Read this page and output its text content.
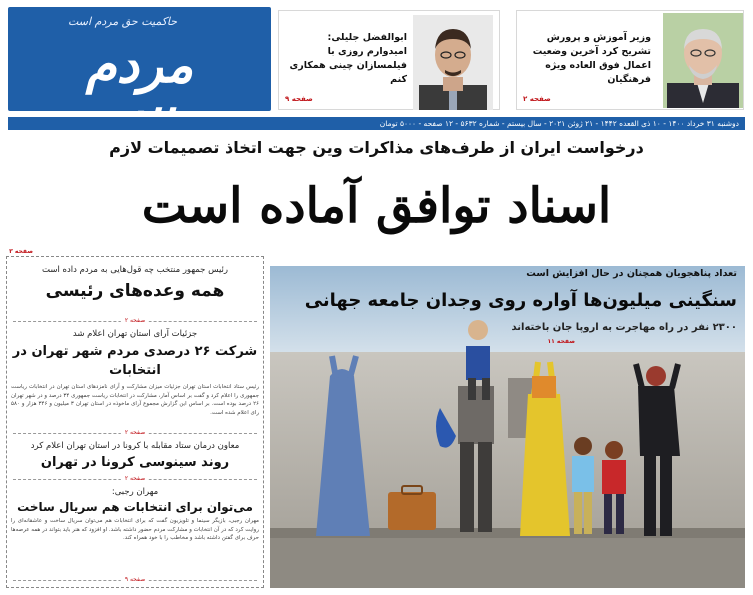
حاکمیت حق مردم است
مردم	ابوالفضل جلیلی: امیدوارم روزی با فیلمسازان چینی همکاری کنم
صفحه ۹
وزیر آموزش و پرورش تشریح کرد آخرین وضعیت اعمال فوق العاده ویژه فرهنگیان
صفحه ۲
دوشنبه ۳۱ خرداد ۱۴۰۰ - ۱۰ ذی القعده ۱۴۴۲ - ۲۱ ژوئن ۲۰۲۱ - سال بیستم - شماره ۵۶۳۲ - ۱۲ صفحه - ۵۰۰۰ تومان
درخواست ایران از طرف‌های مذاکرات وین جهت اتخاذ تصمیمات لازم
اسناد توافق آماده است
صفحه ۳
رئیس جمهور منتخب چه قول‌هایی به مردم داده است
همه وعده‌های رئیسی
صفحه ۲
جزئیات آرای استان تهران اعلام شد
شرکت ۲۶ درصدی مردم شهر تهران در انتخابات
رئیس ستاد انتخابات استان تهران جزئیات میزان مشارکت و آرای نامزدهای استان تهران در انتخابات ریاست جمهوری را اعلام کرد و گفت بر اساس آمار، مشارکت در انتخابات ریاست جمهوری ۳۴ درصد و در شهر تهران ۲۶ درصد بوده است. بر اساس این گزارش مجموع آرای ماخوذه در استان تهران ۳ میلیون و ۳۴۶ هزار و ۵۸۰ رای اعلام شده است.
صفحه ۲
معاون درمان ستاد مقابله با کرونا در استان تهران اعلام کرد
روند سینوسی کرونا در تهران
صفحه ۲
مهران رجبی:
می‌توان برای انتخابات هم سریال ساخت
مهران رجبی، بازیگر سینما و تلویزیون گفت که برای انتخابات هم می‌توان سریال ساخت و عاشقانه‌ای را روایت کرد که در آن انتخابات و مشارکت مردم حضور داشته باشد. او افزود که هنر باید بتواند در همه عرصه‌ها حرف برای گفتن داشته باشد و مخاطب را با خود همراه کند.
صفحه ۹
تعداد پناهجویان همچنان در حال افزایش است
سنگینی میلیون‌ها آواره روی وجدان جامعه جهانی
۲۳۰۰ نفر در راه مهاجرت به اروپا جان باخته‌اند
صفحه ۱۱
